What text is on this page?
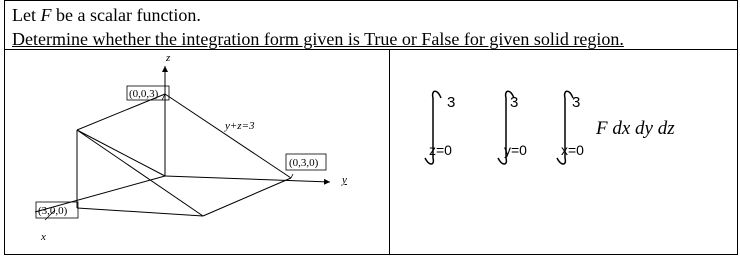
Let F be a scalar function.
Determine whether the integration form given is True or False for given solid region.
z
y
x
(0,0,3)
(0,3,0)
(3,0,0)
y+z=3
3
z=0
3
y=0
3
x=0
F dx dy dz
